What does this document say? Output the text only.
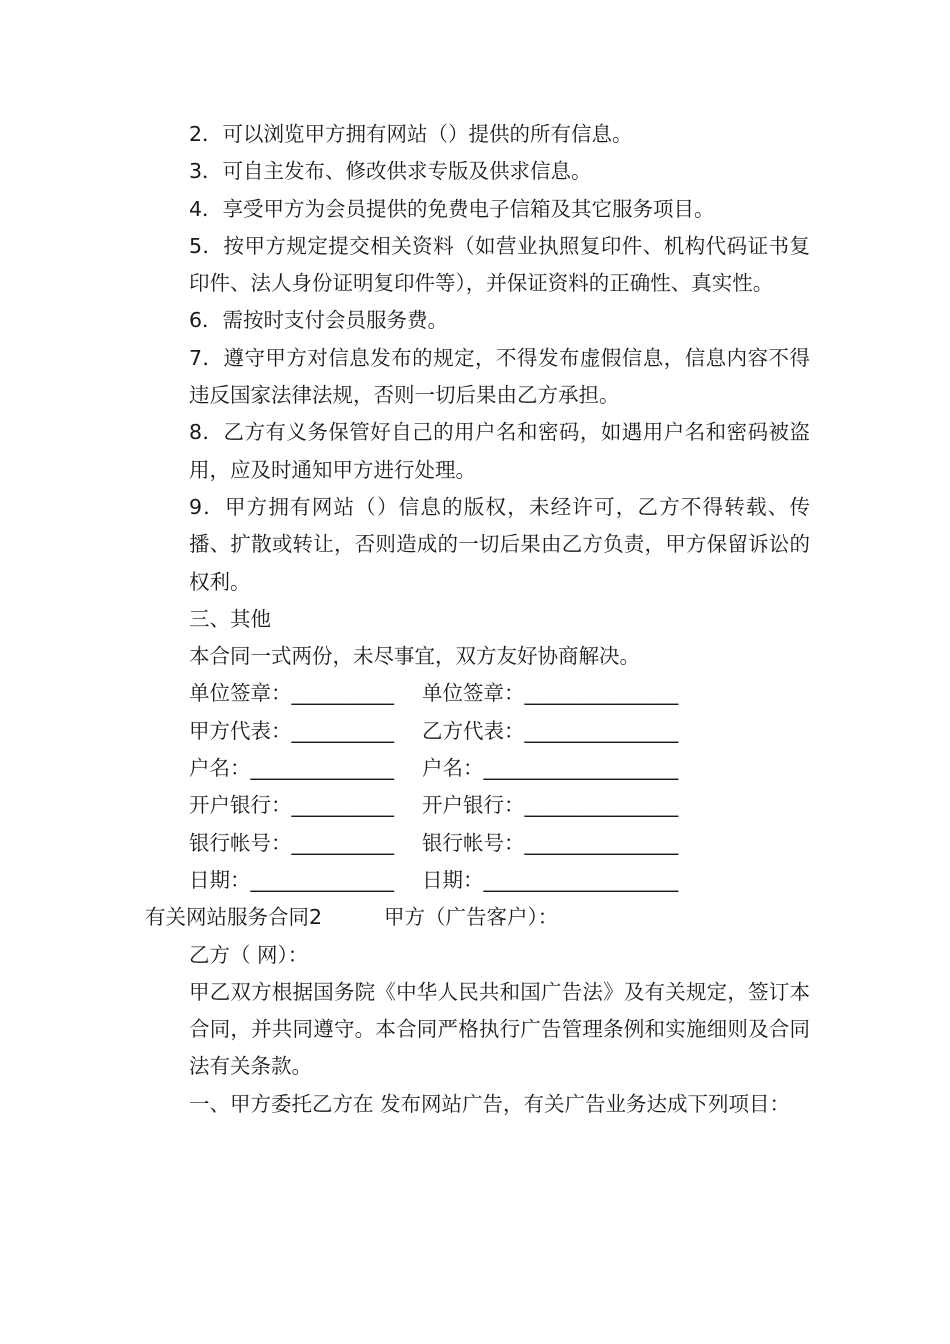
2．可以浏览甲方拥有网站（）提供的所有信息。

3．可自主发布、修改供求专版及供求信息。

4．享受甲方为会员提供的免费电子信箱及其它服务项目。

5．按甲方规定提交相关资料（如营业执照复印件、机构代码证书复印件、法人身份证明复印件等），并保证资料的正确性、真实性。

6．需按时支付会员服务费。

7．遵守甲方对信息发布的规定，不得发布虚假信息，信息内容不得违反国家法律法规，否则一切后果由乙方承担。

8．乙方有义务保管好自己的用户名和密码，如遇用户名和密码被盗用，应及时通知甲方进行处理。

9．甲方拥有网站（）信息的版权，未经许可，乙方不得转载、传播、扩散或转让，否则造成的一切后果由乙方负责，甲方保留诉讼的权利。

三、其他

本合同一式两份，未尽事宜，双方友好协商解决。

单位签章：__________	单位签章：_______________
甲方代表：__________	乙方代表：_______________
户名：______________	户名：___________________
开户银行：__________	开户银行：_______________
银行帐号：__________	银行帐号：_______________
日期：______________	日期：___________________
有关网站服务合同2	甲方（广告客户）：

乙方（ 网）：

甲乙双方根据国务院《中华人民共和国广告法》及有关规定，签订本合同，并共同遵守。本合同严格执行广告管理条例和实施细则及合同法有关条款。

一、甲方委托乙方在 发布网站广告，有关广告业务达成下列项目：
